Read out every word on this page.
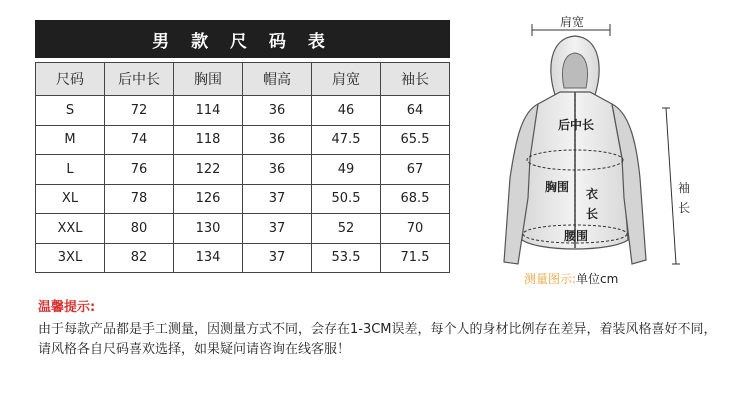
男 款 尺 码 表
尺码	后中长	胸围	帽高	肩宽	袖长
S	72	114	36	46	64
M	74	118	36	47.5	65.5
L	76	122	36	49	67
XL	78	126	37	50.5	68.5
XXL	80	130	37	52	70
3XL	82	134	37	53.5	71.5
肩宽
后中长
胸围 衣长
腰围
袖长
测量图示:单位cm
温馨提示:
由于每款产品都是手工测量，因测量方式不同，会存在1-3CM误差，每个人的身材比例存在差异，着装风格喜好不同，请风格各自尺码喜欢选择，如果疑问请咨询在线客服！
